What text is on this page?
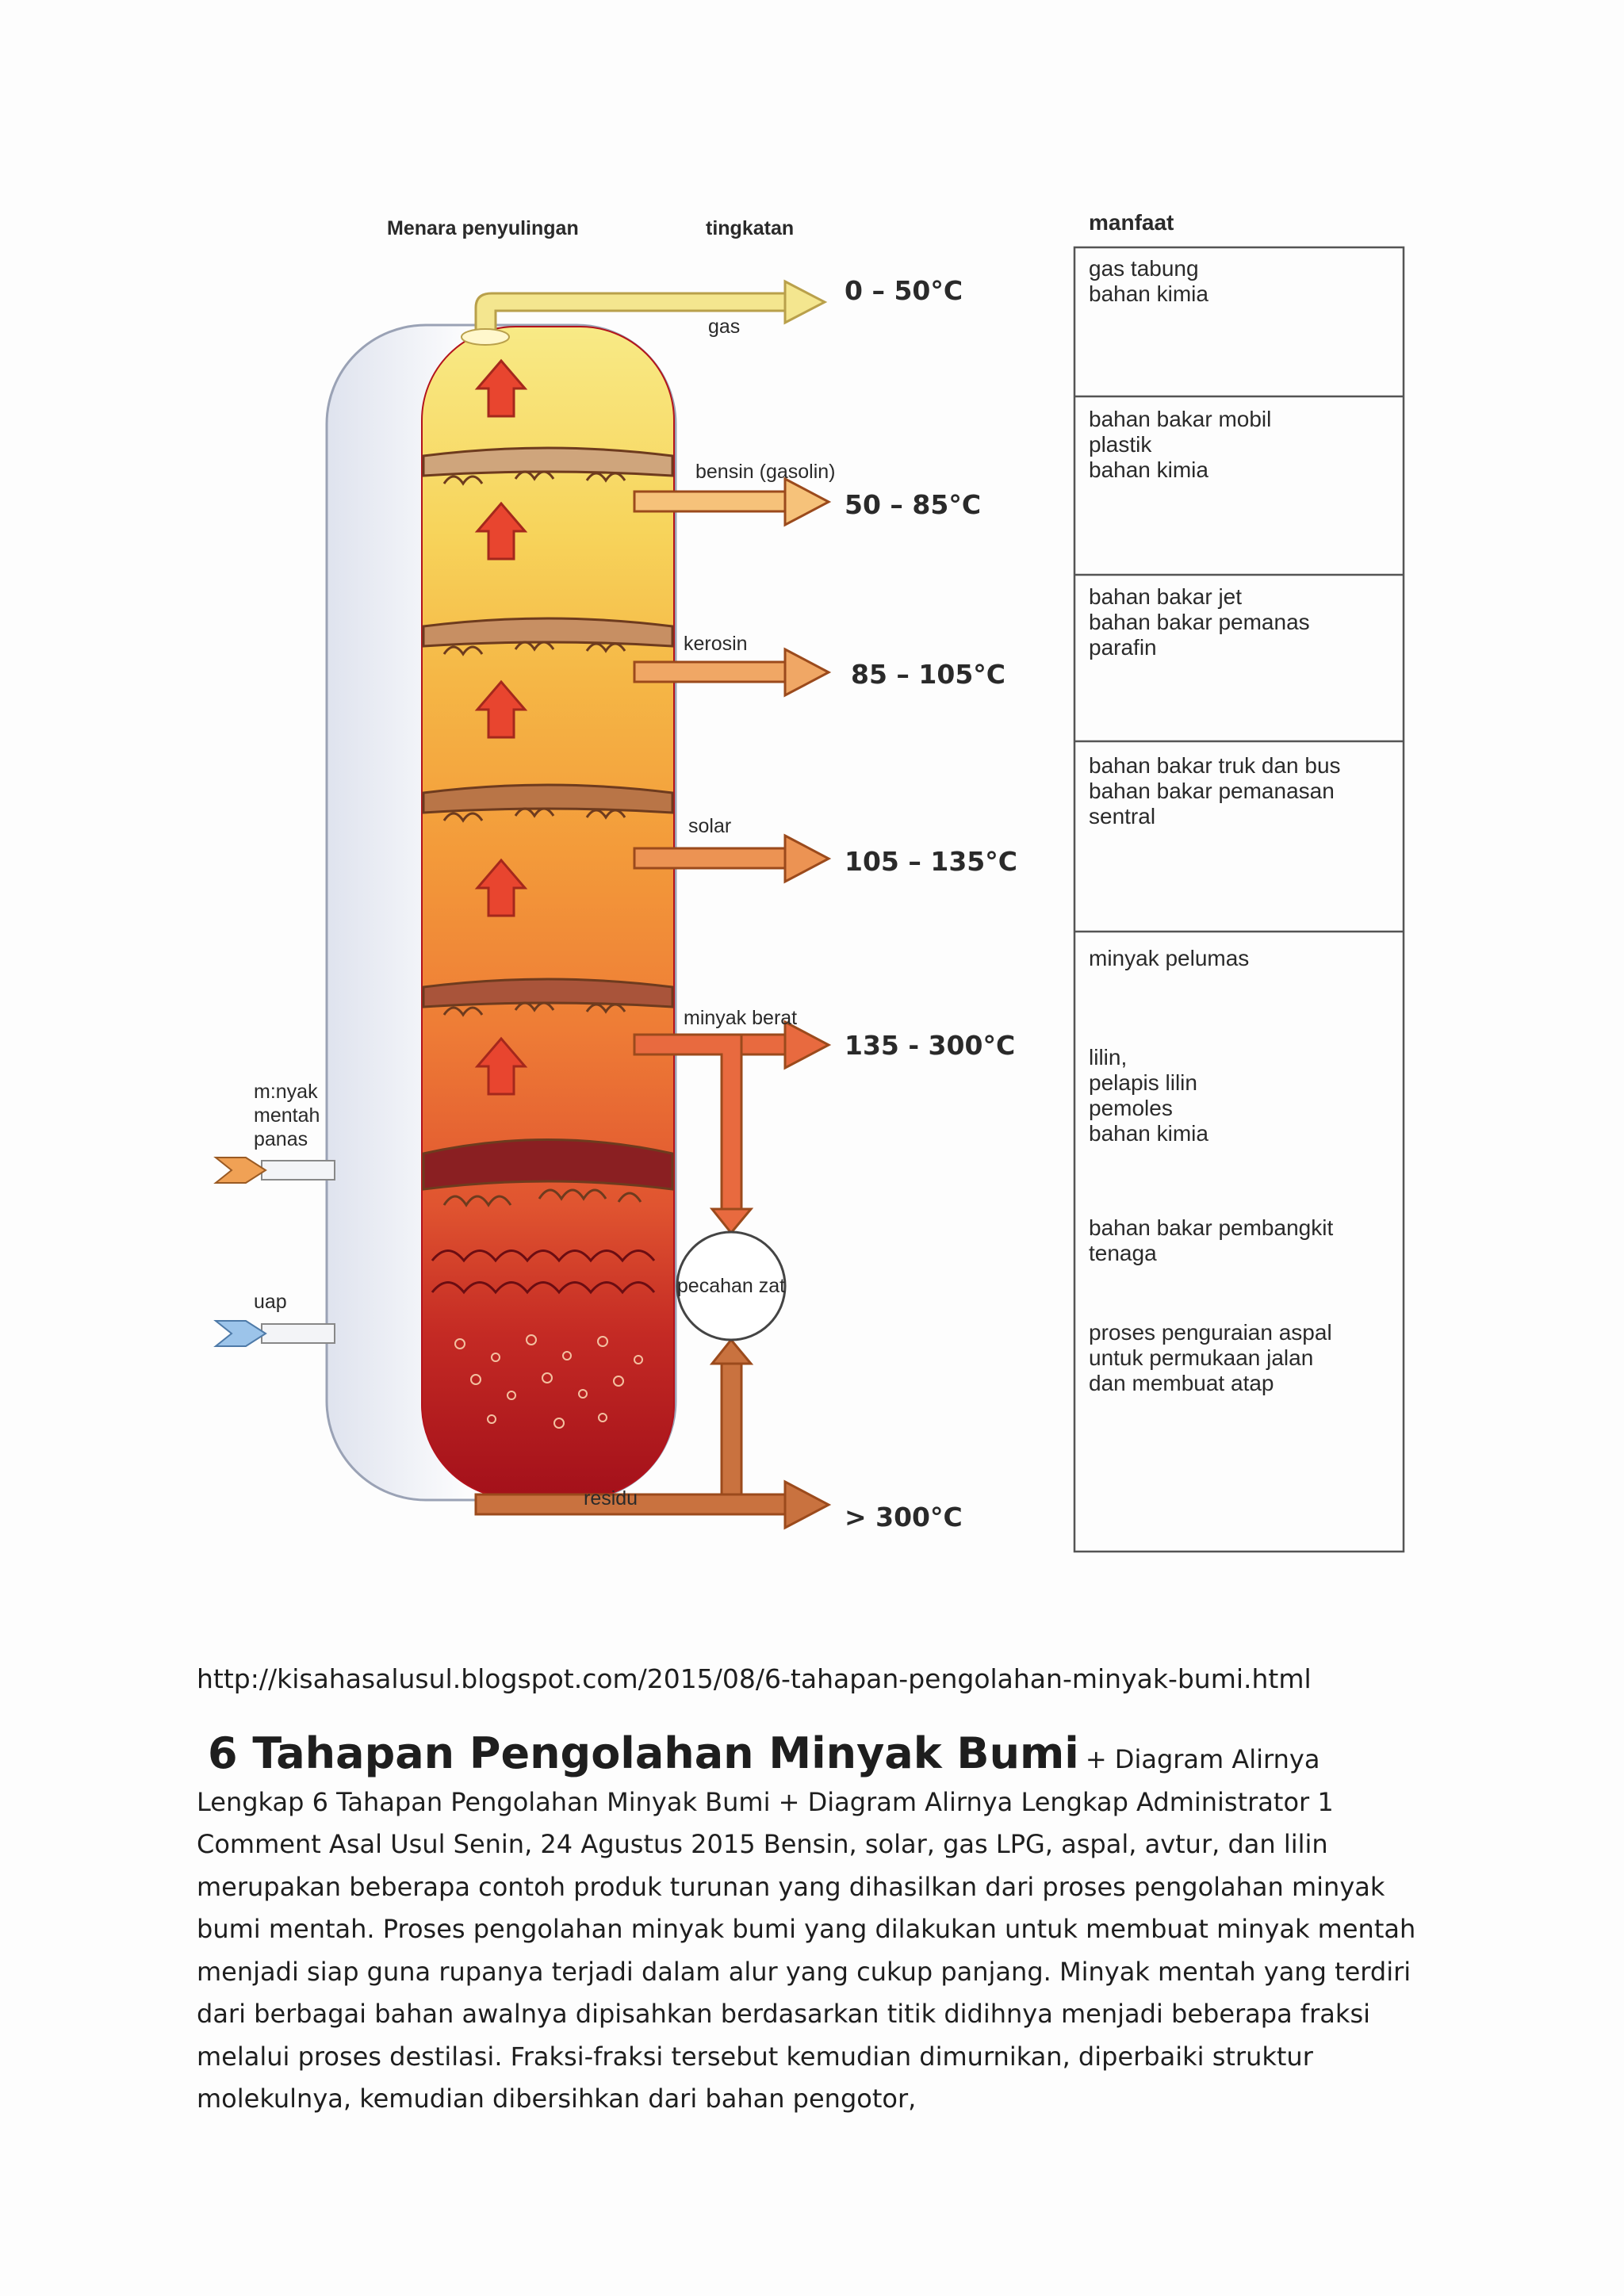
pecahan zat
Menara penyulingan	tingkatan	manfaat
gas
bensin (gasolin)
kerosin
solar
minyak berat
residu
0 – 50°C
50 – 85°C
85 – 105°C
105 – 135°C
135 - 300°C
> 300°C
m:nyak
mentah
panas
uap
gas tabung
bahan kimia
bahan bakar mobil
plastik
bahan kimia
bahan bakar jet
bahan bakar pemanas
parafin
bahan bakar truk dan bus
bahan bakar pemanasan
sentral
minyak pelumas
lilin,
pelapis lilin
pemoles
bahan kimia
bahan bakar pembangkit
tenaga
proses penguraian aspal
untuk permukaan jalan
dan membuat atap
http://kisahasalusul.blogspot.com/2015/08/6-tahapan-pengolahan-minyak-bumi.html
6 Tahapan Pengolahan Minyak Bumi + Diagram Alirnya Lengkap 6 Tahapan Pengolahan Minyak Bumi + Diagram Alirnya Lengkap Administrator 1 Comment Asal Usul Senin, 24 Agustus 2015 Bensin, solar, gas LPG, aspal, avtur, dan lilin merupakan beberapa contoh produk turunan yang dihasilkan dari proses pengolahan minyak bumi mentah. Proses pengolahan minyak bumi yang dilakukan untuk membuat minyak mentah menjadi siap guna rupanya terjadi dalam alur yang cukup panjang. Minyak mentah yang terdiri dari berbagai bahan awalnya dipisahkan berdasarkan titik didihnya menjadi beberapa fraksi melalui proses destilasi. Fraksi-fraksi tersebut kemudian dimurnikan, diperbaiki struktur molekulnya, kemudian dibersihkan dari bahan pengotor,
